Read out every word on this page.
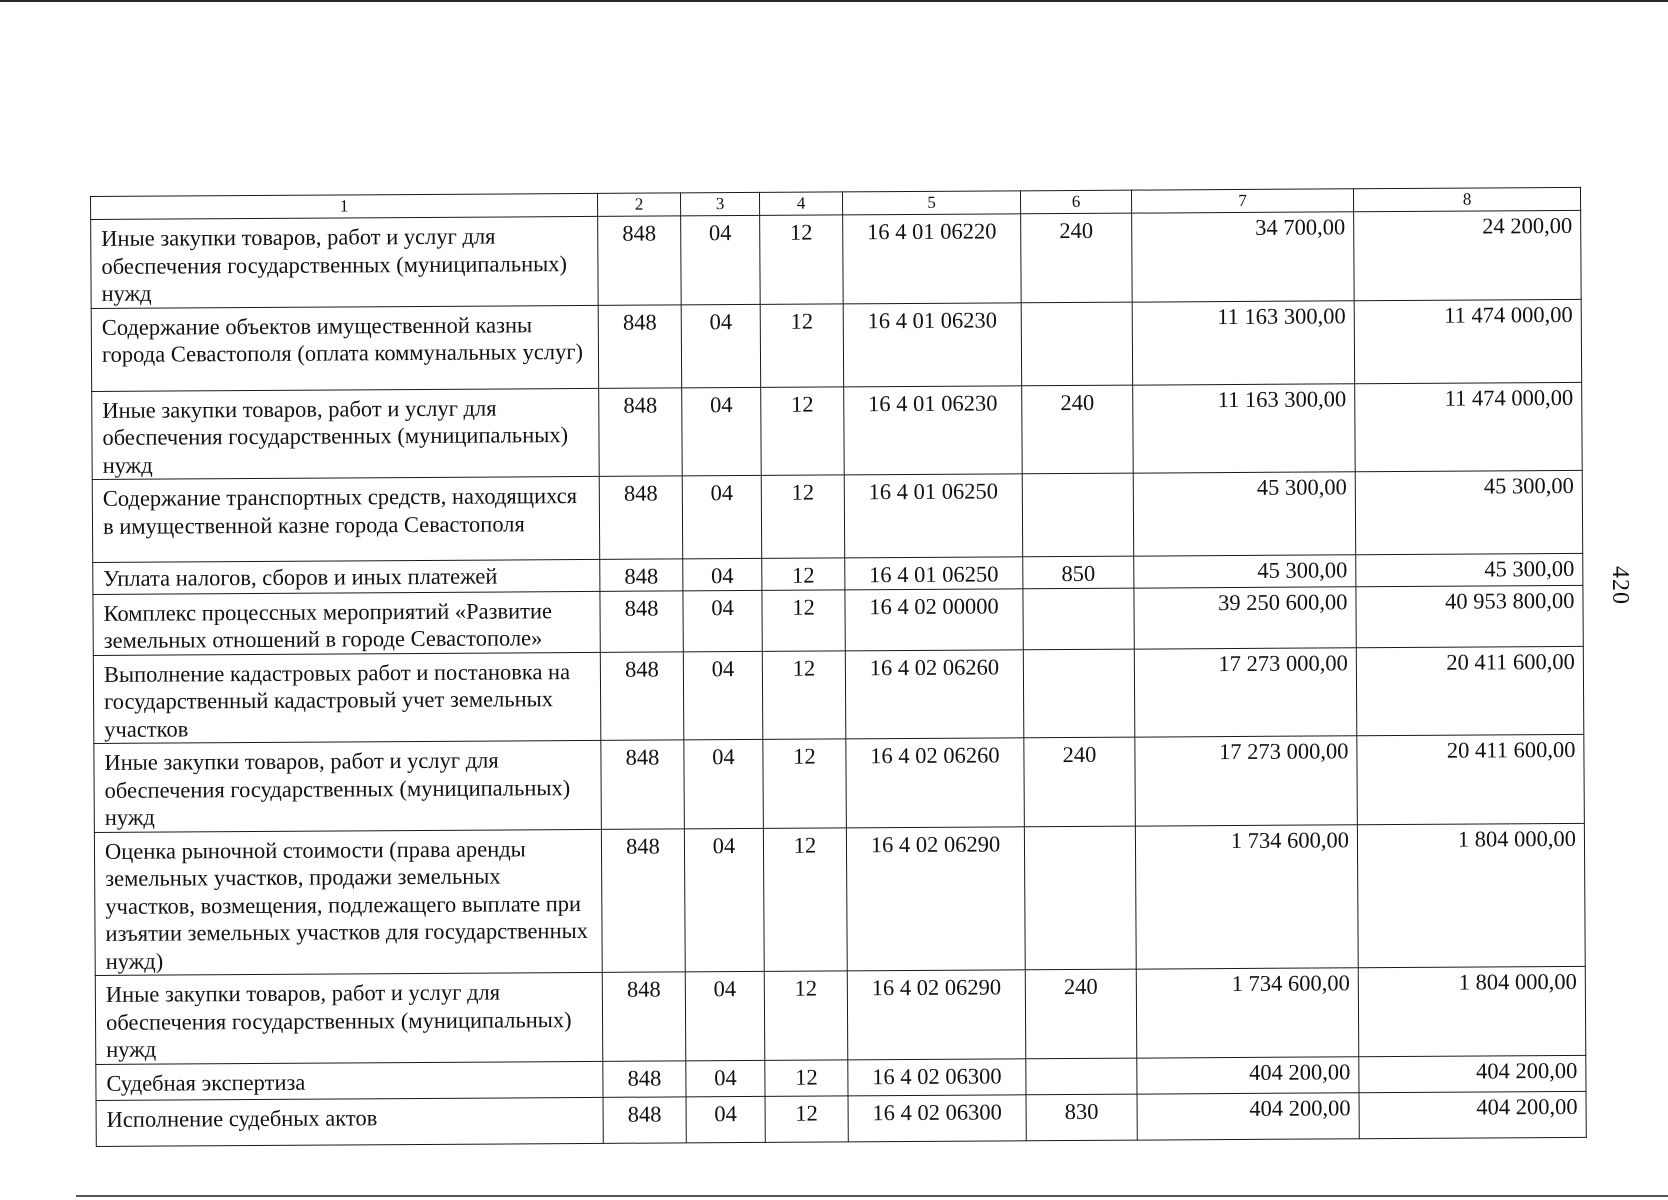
1	2	3	4	5	6	7	8
Иные закупки товаров, работ и услуг для обеспечения государственных (муниципальных) нужд	848	04	12	16 4 01 06220	240	34 700,00	24 200,00
Содержание объектов имущественной казны города Севастополя (оплата коммунальных услуг)	848	04	12	16 4 01 06230		11 163 300,00	11 474 000,00
Иные закупки товаров, работ и услуг для обеспечения государственных (муниципальных) нужд	848	04	12	16 4 01 06230	240	11 163 300,00	11 474 000,00
Содержание транспортных средств, находящихся в имущественной казне города Севастополя	848	04	12	16 4 01 06250		45 300,00	45 300,00
Уплата налогов, сборов и иных платежей	848	04	12	16 4 01 06250	850	45 300,00	45 300,00
Комплекс процессных мероприятий «Развитие земельных отношений в городе Севастополе»	848	04	12	16 4 02 00000		39 250 600,00	40 953 800,00
Выполнение кадастровых работ и постановка на государственный кадастровый учет земельных участков	848	04	12	16 4 02 06260		17 273 000,00	20 411 600,00
Иные закупки товаров, работ и услуг для обеспечения государственных (муниципальных) нужд	848	04	12	16 4 02 06260	240	17 273 000,00	20 411 600,00
Оценка рыночной стоимости (права аренды земельных участков, продажи земельных участков, возмещения, подлежащего выплате при изъятии земельных участков для государственных нужд)	848	04	12	16 4 02 06290		1 734 600,00	1 804 000,00
Иные закупки товаров, работ и услуг для обеспечения государственных (муниципальных) нужд	848	04	12	16 4 02 06290	240	1 734 600,00	1 804 000,00
Судебная экспертиза	848	04	12	16 4 02 06300		404 200,00	404 200,00
Исполнение судебных актов	848	04	12	16 4 02 06300	830	404 200,00	404 200,00
420
